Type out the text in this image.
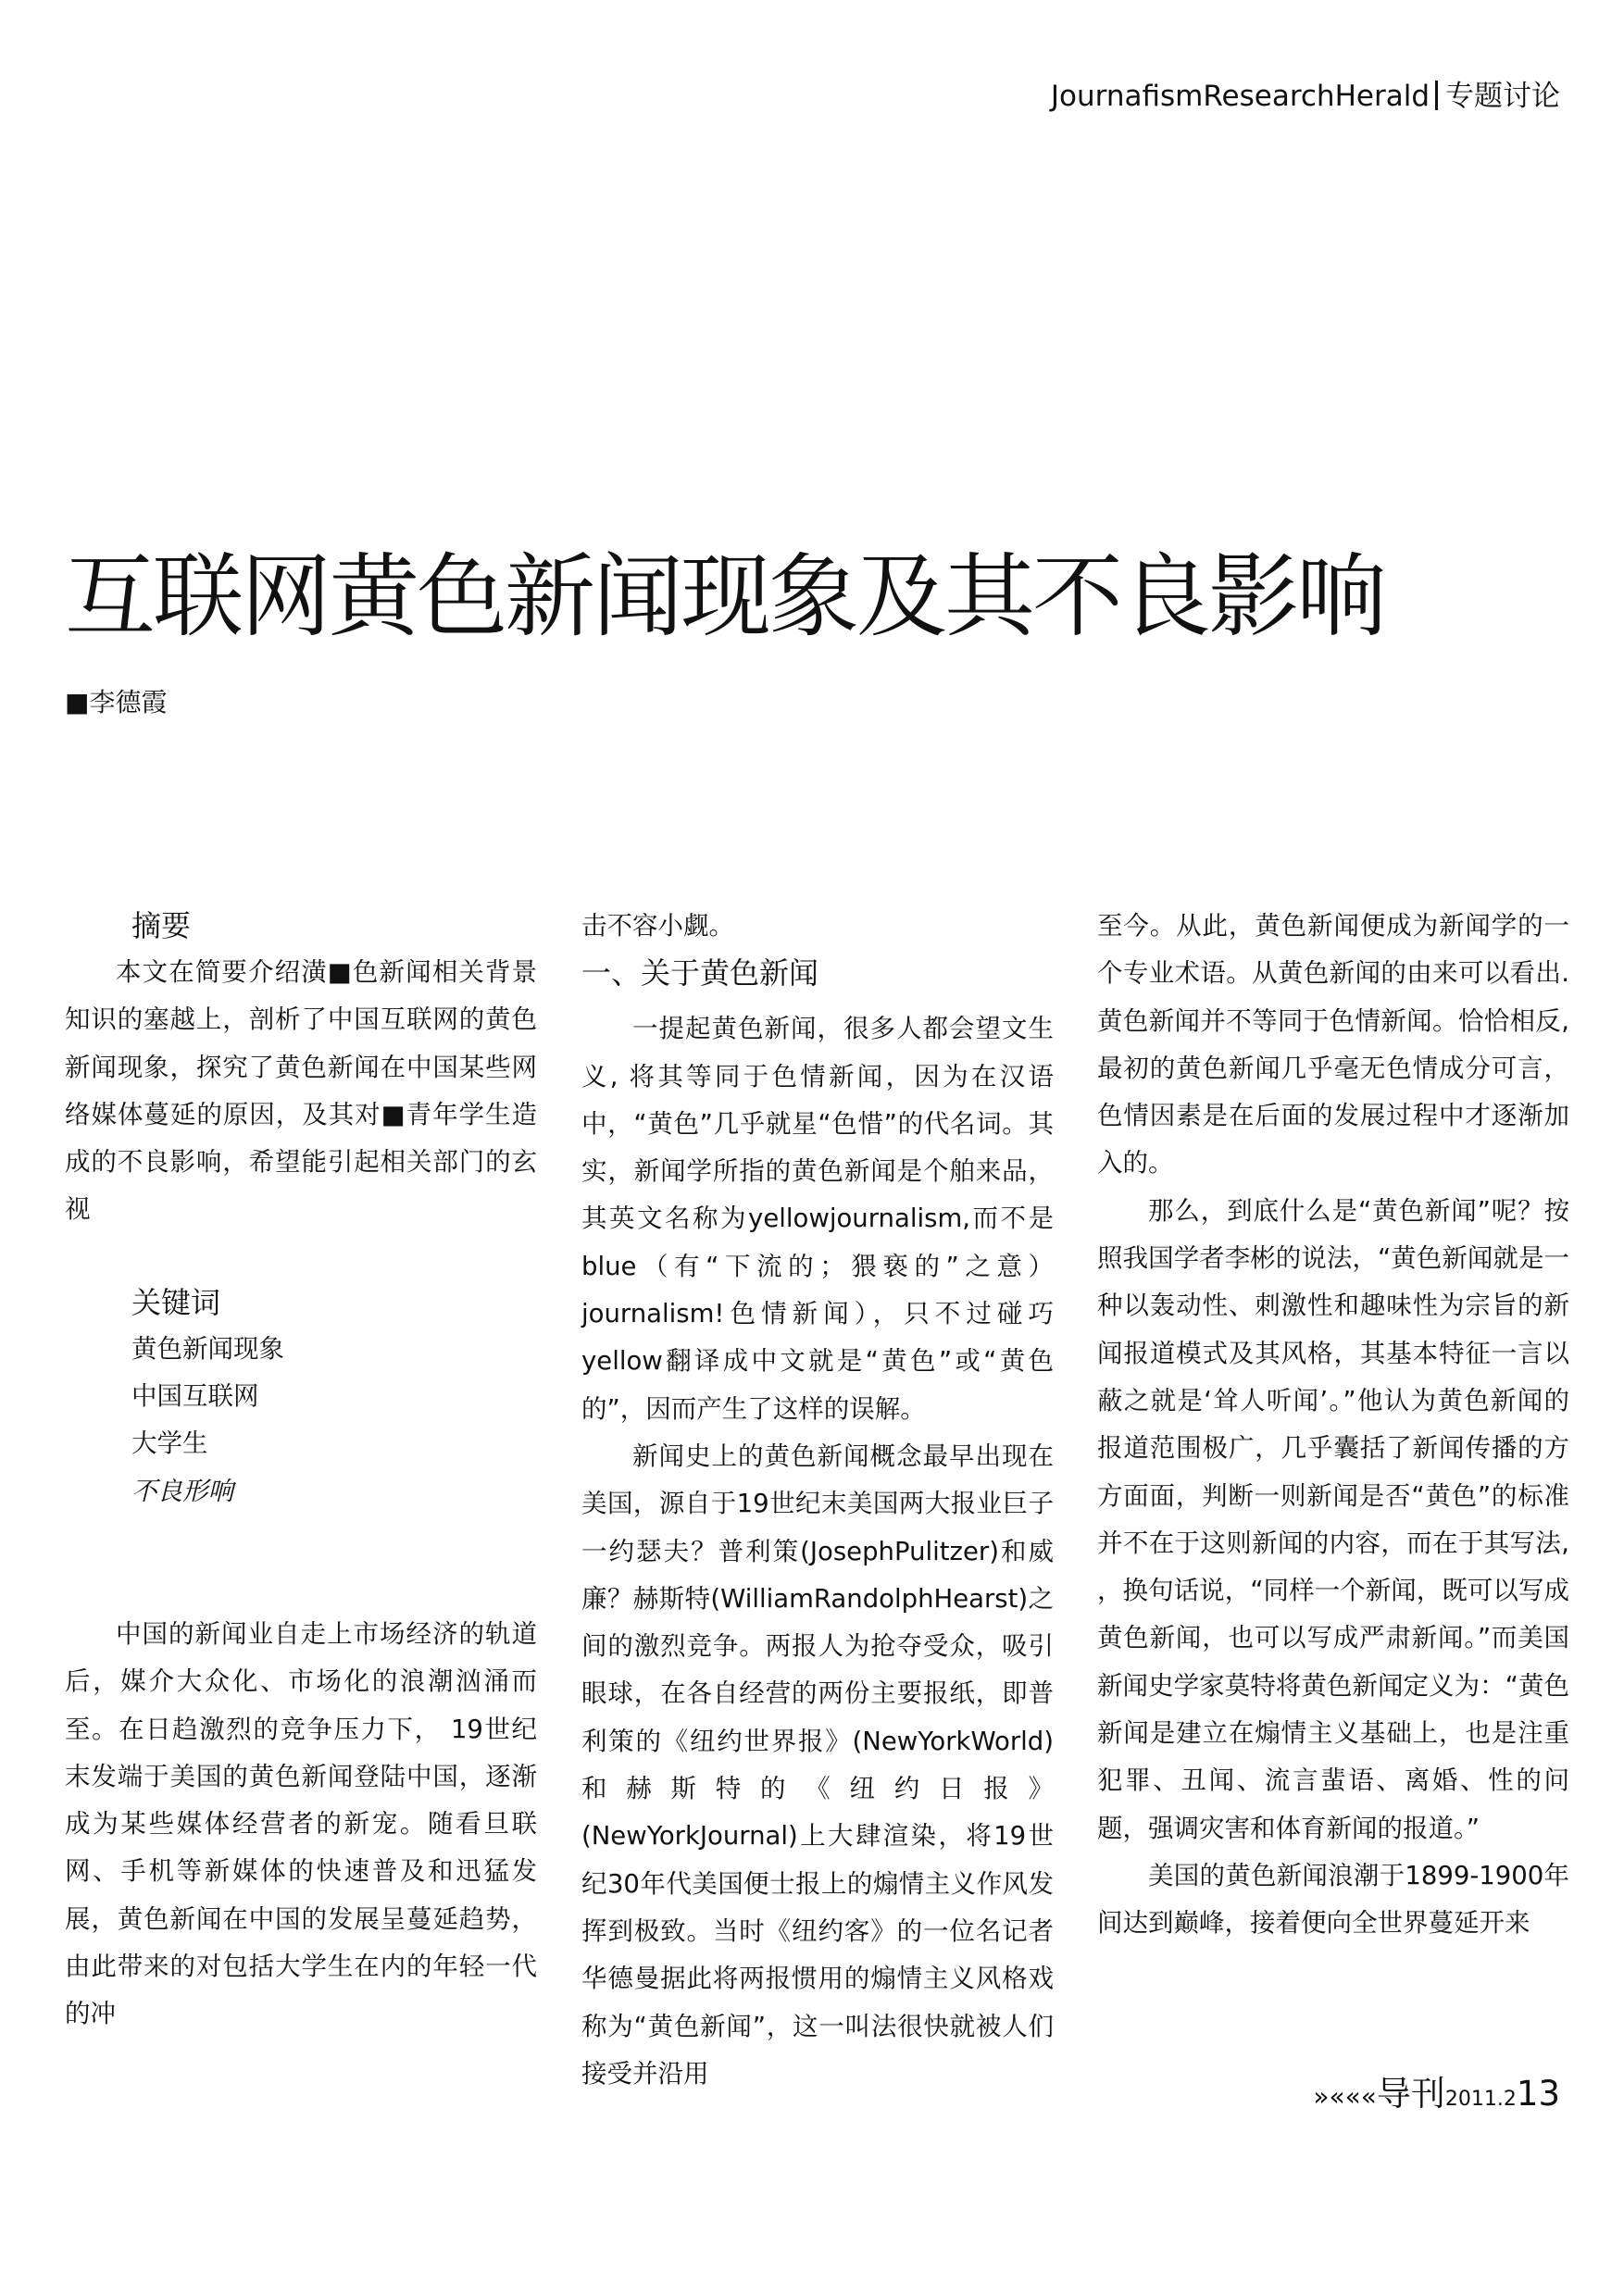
JournafismResearchHerald 专题讨论
互联网黄色新闻现象及其不良影响
■李德霞
摘要

本文在简要介绍潢■色新闻相关背景知识的塞越上，剖析了中国互联网的黄色新闻现象，探究了黄色新闻在中国某些网络媒体蔓延的原因，及其对■青年学生造成的不良影响，希望能引起相关部门的玄视

关键词
黄色新闻现象
中国互联网
大学生
不良形响

中国的新闻业自走上市场经济的轨道后，媒介大众化、市场化的浪潮汹涌而至。在日趋激烈的竞争压力下， 19世纪末发端于美国的黄色新闻登陆中国，逐渐成为某些媒体经营者的新宠。随看旦联网、手机等新媒体的快速普及和迅猛发展，黄色新闻在中国的发展呈蔓延趋势，由此带来的对包括大学生在内的年轻一代的冲

击不容小觑。

一、关于黄色新闻

一提起黄色新闻，很多人都会望文生义, 将其等同于色情新闻，因为在汉语中，“黄色”几乎就星“色惜”的代名词。其实，新闻学所指的黄色新闻是个舶来品，其英文名称为yellowjournalism,而不是blue（有“下流的；猥亵的”之意）journalism!色情新闻），只不过碰巧yellow翻译成中文就是“黄色”或“黄色的”，因而产生了这样的误解。

新闻史上的黄色新闻概念最早出现在美国，源自于19世纪末美国两大报业巨子一约瑟夫？普利策(JosephPulitzer)和威廉？赫斯特(WilliamRandolphHearst)之间的激烈竞争。两报人为抢夺受众，吸引眼球，在各自经营的两份主要报纸，即普利策的《纽约世界报》(NewYorkWorld)和赫斯特的《纽约日报》(NewYorkJournal)上大肆渲染，将19世纪30年代美国便士报上的煽情主义作风发挥到极致。当时《纽约客》的一位名记者华德曼据此将两报惯用的煽情主义风格戏称为“黄色新闻”，这一叫法很快就被人们接受并沿用

至今。从此，黄色新闻便成为新闻学的一个专业术语。从黄色新闻的由来可以看出. 黄色新闻并不等同于色情新闻。恰恰相反, 最初的黄色新闻几乎毫无色情成分可言，色情因素是在后面的发展过程中才逐渐加入的。

那么，到底什么是“黄色新闻”呢？按照我国学者李彬的说法，“黄色新闻就是一种以轰动性、刺激性和趣味性为宗旨的新闻报道模式及其风格，其基本特征一言以蔽之就是‘耸人听闻’。”他认为黄色新闻的报道范围极广，几乎囊括了新闻传播的方方面面，判断一则新闻是否“黄色”的标准并不在于这则新闻的内容，而在于其写法, ，换句话说，“同样一个新闻，既可以写成黄色新闻，也可以写成严肃新闻。”而美国新闻史学家莫特将黄色新闻定义为：“黄色新闻是建立在煽情主义基础上，也是注重犯罪、丑闻、流言蜚语、离婚、性的问题，强调灾害和体育新闻的报道。”

美国的黄色新闻浪潮于1899-1900年间达到巅峰，接着便向全世界蔓延开来

»«««导刊2011.213
